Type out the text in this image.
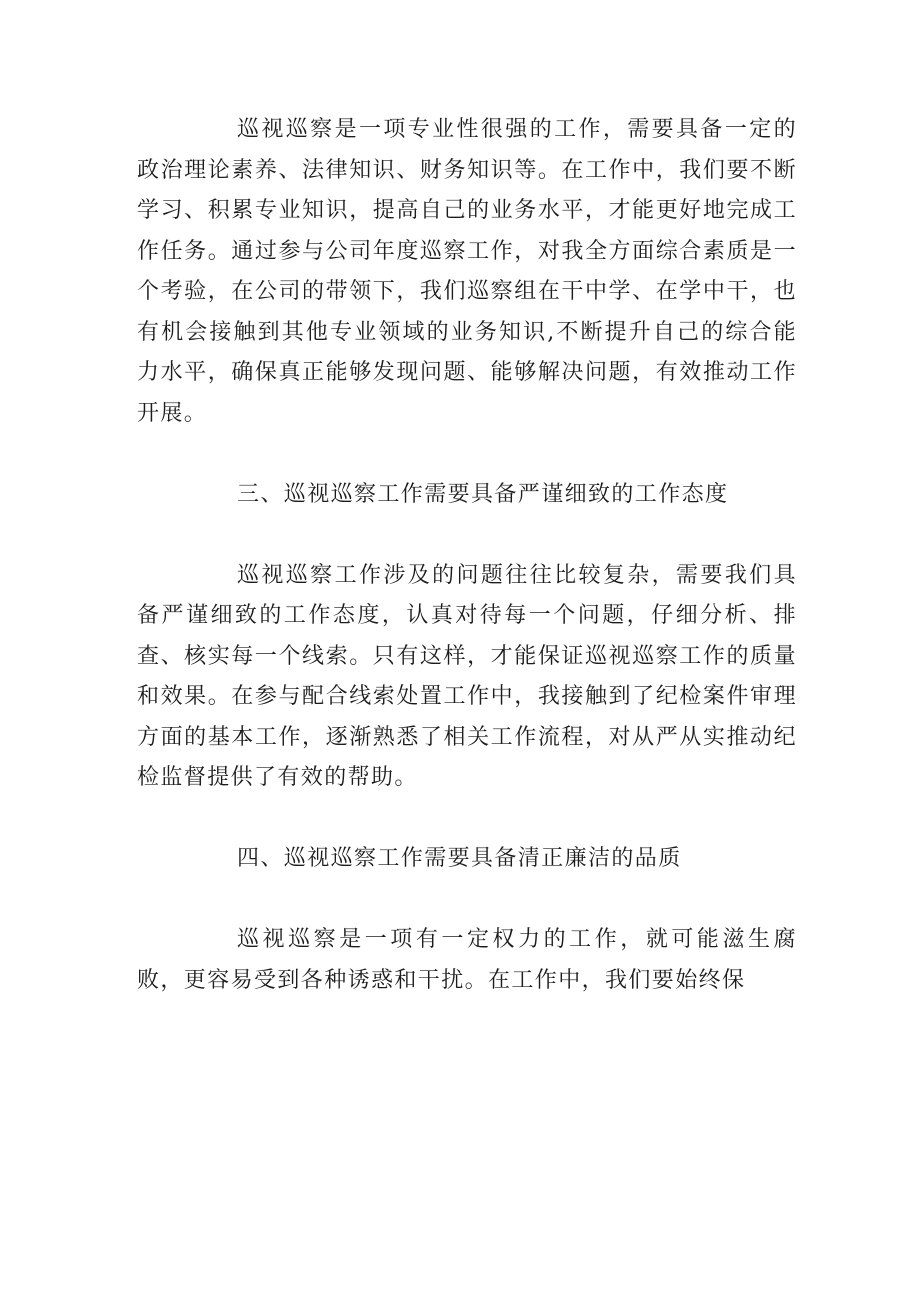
巡视巡察是一项专业性很强的工作，需要具备一定的政治理论素养、法律知识、财务知识等。在工作中，我们要不断学习、积累专业知识，提高自己的业务水平，才能更好地完成工作任务。通过参与公司年度巡察工作，对我全方面综合素质是一个考验，在公司的带领下，我们巡察组在干中学、在学中干，也有机会接触到其他专业领域的业务知识,不断提升自己的综合能力水平，确保真正能够发现问题、能够解决问题，有效推动工作开展。

三、巡视巡察工作需要具备严谨细致的工作态度

巡视巡察工作涉及的问题往往比较复杂，需要我们具备严谨细致的工作态度，认真对待每一个问题，仔细分析、排查、核实每一个线索。只有这样，才能保证巡视巡察工作的质量和效果。在参与配合线索处置工作中，我接触到了纪检案件审理方面的基本工作，逐渐熟悉了相关工作流程，对从严从实推动纪检监督提供了有效的帮助。

四、巡视巡察工作需要具备清正廉洁的品质

巡视巡察是一项有一定权力的工作，就可能滋生腐败，更容易受到各种诱惑和干扰。在工作中，我们要始终保
